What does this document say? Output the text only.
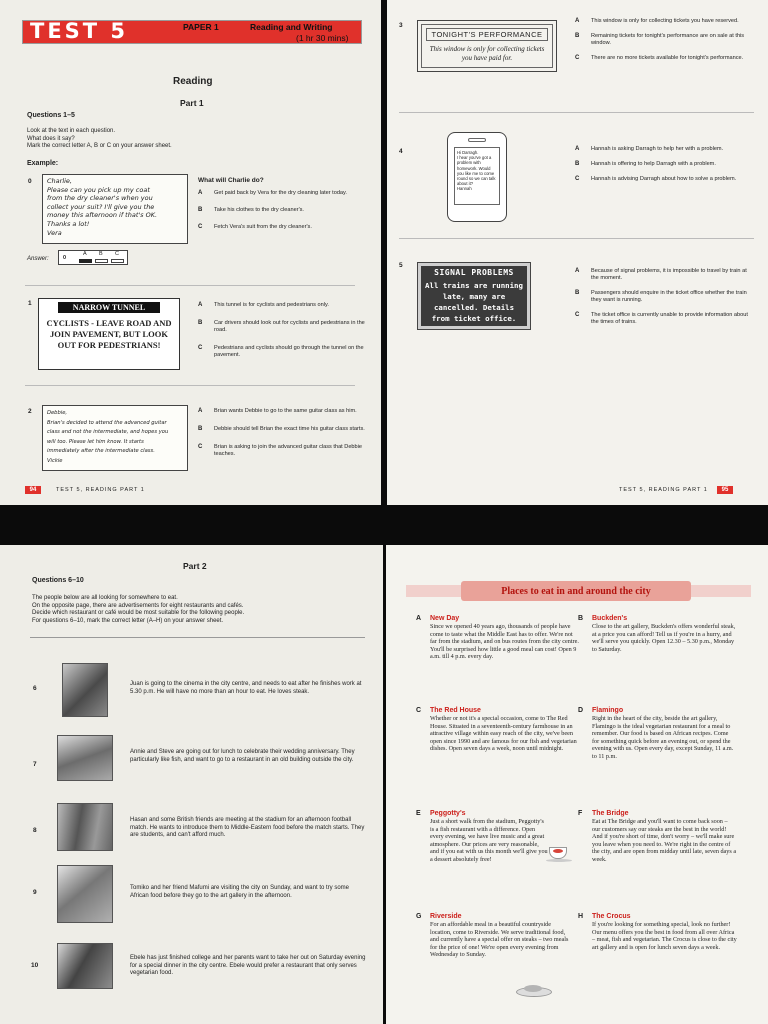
TEST 5	PAPER 1	Reading and Writing
(1 hr 30 mins)
Reading
Part 1
Questions 1–5
Look at the text in each question.
What does it say?
Mark the correct letter A, B or C on your answer sheet.
Example:
0 Charlie,
Please can you pick up my coat
from the dry cleaner's when you
collect your suit? I'll give you the
money this afternoon if that's OK.
Thanks a lot!
Vera
What will Charlie do?
A	Get paid back by Vera for the dry cleaning later today.
B	Take his clothes to the dry cleaner's.
C	Fetch Vera's suit from the dry cleaner's.
Answer:	0
A B C
1	NARROW TUNNEL
CYCLISTS - LEAVE ROAD AND JOIN PAVEMENT, BUT LOOK OUT FOR PEDESTRIANS!
A	This tunnel is for cyclists and pedestrians only.
B	Car drivers should look out for cyclists and pedestrians in the road.
C	Pedestrians and cyclists should go through the tunnel on the pavement.
2	Debbie,
Brian's decided to attend the advanced guitar
class and not the intermediate, and hopes you
will too. Please let him know. It starts
immediately after the intermediate class.
Vickie
A	Brian wants Debbie to go to the same guitar class as him.
B	Debbie should tell Brian the exact time his guitar class starts.
C	Brian is asking to join the advanced guitar class that Debbie teaches.
94	TEST 5, READING PART 1
3
TONIGHT'S PERFORMANCE
This window is only for collecting tickets you have paid for.
A	This window is only for collecting tickets you have reserved.
B	Remaining tickets for tonight's performance are on sale at this window.
C	There are no more tickets available for tonight's performance.
4	Hi Darragh.
I hear you've got a
problem with
homework. Would
you like me to come
round so we can talk
about it?
Hannah
A	Hannah is asking Darragh to help her with a problem.
B	Hannah is offering to help Darragh with a problem.
C	Hannah is advising Darragh about how to solve a problem.
5
SIGNAL PROBLEMS
All trains are running late, many are cancelled. Details from ticket office.
A	Because of signal problems, it is impossible to travel by train at the moment.
B	Passengers should enquire in the ticket office whether the train they want is running.
C	The ticket office is currently unable to provide information about the times of trains.
TEST 5, READING PART 1	95
Part 2
Questions 6–10
The people below are all looking for somewhere to eat.
On the opposite page, there are advertisements for eight restaurants and cafés.
Decide which restaurant or café would be most suitable for the following people.
For questions 6–10, mark the correct letter (A–H) on your answer sheet.
6
Juan is going to the cinema in the city centre, and needs to eat after he finishes work at 5.30 p.m. He will have no more than an hour to eat. He loves steak.
7
Annie and Steve are going out for lunch to celebrate their wedding anniversary. They particularly like fish, and want to go to a restaurant in an old building outside the city.
8
Hasan and some British friends are meeting at the stadium for an afternoon football match. He wants to introduce them to Middle-Eastern food before the match starts. They are students, and can't afford much.
9
Tomiko and her friend Mafumi are visiting the city on Sunday, and want to try some African food before they go to the art gallery in the afternoon.
10
Ebele has just finished college and her parents want to take her out on Saturday evening for a special dinner in the city centre. Ebele would prefer a restaurant that only serves vegetarian food.
Places to eat in and around the city
A	New Day
Since we opened 40 years ago, thousands of people have come to taste what the Middle East has to offer. We're not far from the stadium, and on bus routes from the city centre. You'll be surprised how little a good meal can cost! Open 9 a.m. till 4 p.m. every day.
B	Buckden's
Close to the art gallery, Buckden's offers wonderful steak, at a price you can afford! Tell us if you're in a hurry, and we'll serve you quickly. Open 12.30 – 5.30 p.m., Monday to Saturday.
C	The Red House
Whether or not it's a special occasion, come to The Red House. Situated in a seventeenth-century farmhouse in an attractive village within easy reach of the city, we've been open since 1990 and are famous for our fish and vegetarian dishes. Open seven days a week, noon until midnight.
D	Flamingo
Right in the heart of the city, beside the art gallery, Flamingo is the ideal vegetarian restaurant for a meal to remember. Our food is based on African recipes. Come for something quick before an evening out, or spend the evening with us. Open every day, except Sunday, 11 a.m. to 11 p.m.
E	Peggotty's
Just a short walk from the stadium, Peggotty's is a fish restaurant with a difference. Open every evening, we have live music and a great atmosphere. Our prices are very reasonable, and if you eat with us this month we'll give you a dessert absolutely free!
F	The Bridge
Eat at The Bridge and you'll want to come back soon – our customers say our steaks are the best in the world! And if you're short of time, don't worry – we'll make sure you leave when you need to. We're right in the centre of the city, and are open from midday until late, seven days a week.
G	Riverside
For an affordable meal in a beautiful countryside location, come to Riverside. We serve traditional food, and currently have a special offer on steaks – two meals for the price of one! We're open every evening from Wednesday to Sunday.
H	The Crocus
If you're looking for something special, look no further! Our menu offers you the best in food from all over Africa – meat, fish and vegetarian. The Crocus is close to the city art gallery and is open for lunch seven days a week.
